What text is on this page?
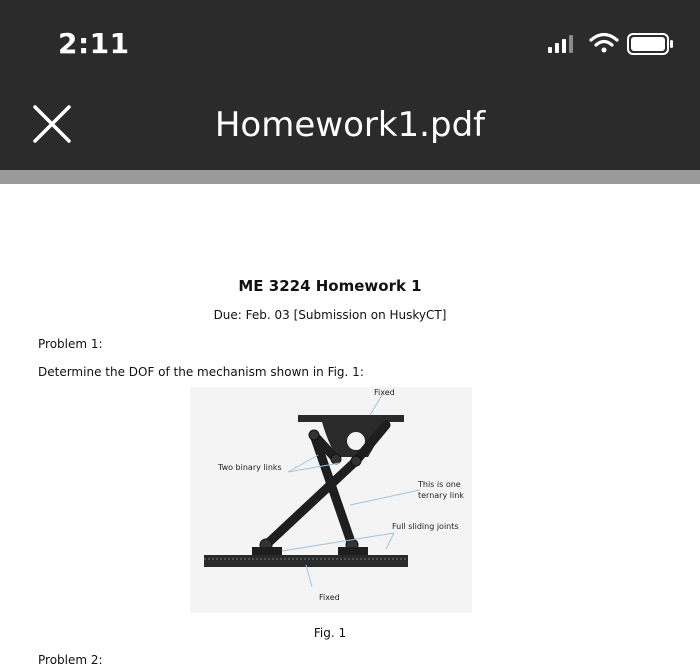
2:11
Homework1.pdf
ME 3224 Homework 1
Due: Feb. 03 [Submission on HuskyCT]
Problem 1:
Determine the DOF of the mechanism shown in Fig. 1:
Fixed
Two binary links
This is one
ternary link
Full sliding joints
Fixed
Fig. 1
Problem 2:
